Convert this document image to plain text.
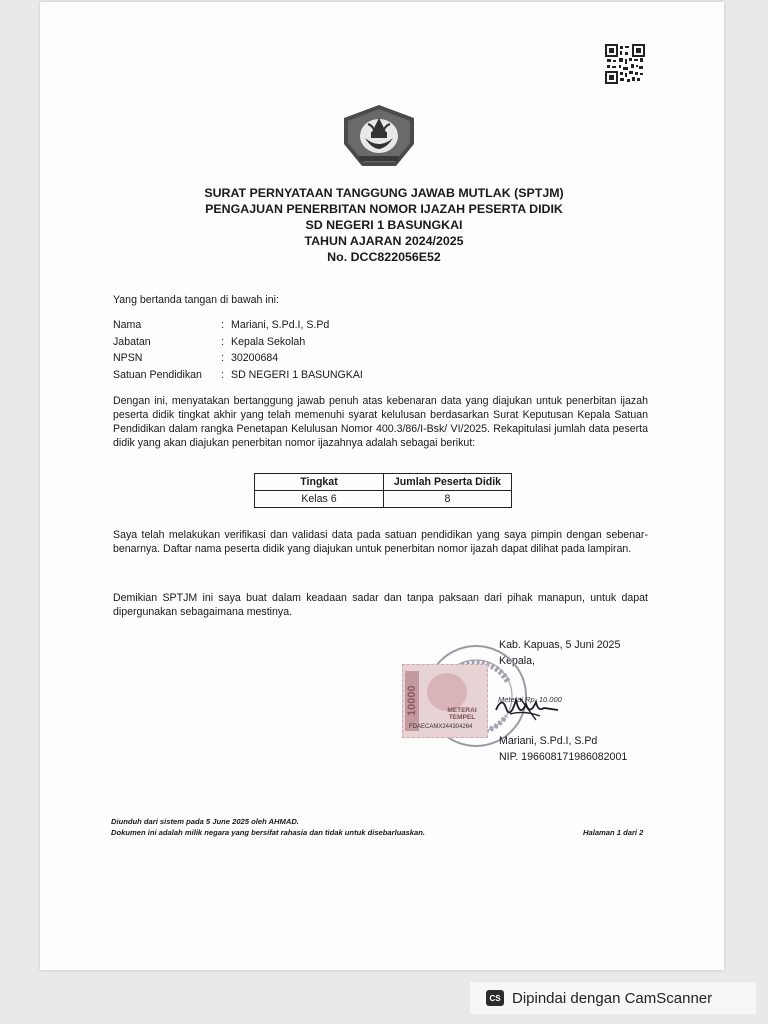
SURAT PERNYATAAN TANGGUNG JAWAB MUTLAK (SPTJM)
PENGAJUAN PENERBITAN NOMOR IJAZAH PESERTA DIDIK
SD NEGERI 1 BASUNGKAI
TAHUN AJARAN 2024/2025
No. DCC822056E52
Yang bertanda tangan di bawah ini:
Nama	: Mariani, S.Pd.I, S.Pd
Jabatan	: Kepala Sekolah
NPSN	: 30200684
Satuan Pendidikan : SD NEGERI 1 BASUNGKAI
Dengan ini, menyatakan bertanggung jawab penuh atas kebenaran data yang diajukan untuk penerbitan ijazah peserta didik tingkat akhir yang telah memenuhi syarat kelulusan berdasarkan Surat Keputusan Kepala Satuan Pendidikan dalam rangka Penetapan Kelulusan Nomor 400.3/86/I-Bsk/ VI/2025. Rekapitulasi jumlah data peserta didik yang akan diajukan penerbitan nomor ijazahnya adalah sebagai berikut:
Tingkat	Jumlah Peserta Didik
Kelas 6	8
Saya telah melakukan verifikasi dan validasi data pada satuan pendidikan yang saya pimpin dengan sebenar-benarnya. Daftar nama peserta didik yang diajukan untuk penerbitan nomor ijazah dapat dilihat pada lampiran.
Demikian SPTJM ini saya buat dalam keadaan sadar dan tanpa paksaan dari pihak manapun, untuk dapat dipergunakan sebagaimana mestinya.
Kab. Kapuas, 5 Juni 2025
Kepala,
10000	METERAI TEMPEL
FDAECAMX244304264
Meterai Rp. 10.000
Mariani, S.Pd.I, S.Pd
NIP. 196608171986082001
Diunduh dari sistem pada 5 June 2025 oleh AHMAD.
Dokumen ini adalah milik negara yang bersifat rahasia dan tidak untuk disebarluaskan.	Halaman 1 dari 2
CS Dipindai dengan CamScanner
